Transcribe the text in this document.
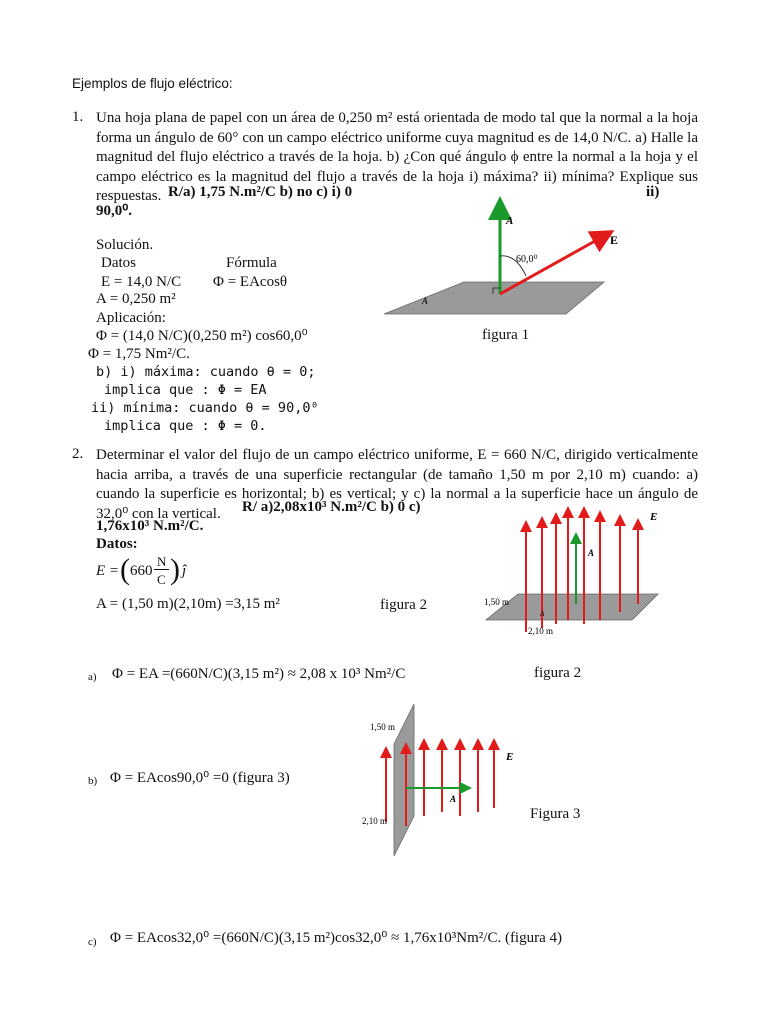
Ejemplos de flujo eléctrico:
1. Una hoja plana de papel con un área de 0,250 m² está orientada de modo tal que la normal a la hoja forma un ángulo de 60° con un campo eléctrico uniforme cuya magnitud es de 14,0 N/C. a) Halle la magnitud del flujo eléctrico a través de la hoja. b) ¿Con qué ángulo ϕ entre la normal a la hoja y el campo eléctrico es la magnitud del flujo a través de la hoja i) máxima? ii) mínima? Explique sus respuestas. R/a) 1,75 N.m²/C b) no c) i) 0	ii)
90,0⁰.
Solución.
Datos	Fórmula
E = 14,0 N/C Φ = EAcosθ
A = 0,250 m²
Aplicación:
Φ = (14,0 N/C)(0,250 m²) cos60,0⁰
Φ = 1,75 Nm²/C.
b) i) máxima: cuando θ = 0;
implica que : Φ = EA
ii) mínima: cuando θ = 90,0⁰
implica que : Φ = 0.
figura 1
A
E
60,0⁰
A
2. Determinar el valor del flujo de un campo eléctrico uniforme, E = 660 N/C, dirigido verticalmente hacia arriba, a través de una superficie rectangular (de tamaño 1,50 m por 2,10 m) cuando: a) cuando la superficie es horizontal; b) es vertical; y c) la normal a la superficie hace un ángulo de 32,0⁰ con la vertical.	R/ a)2,08x10³ N.m²/C b) 0 c)
1,76x10³ N.m²/C.
Datos:
E = ( 660
N
C ) ĵ
A = (1,50 m)(2,10m) =3,15 m²	figura 2
E
A
1,50 m
2,10 m
A
a) Φ = EA =(660N/C)(3,15 m²) ≈ 2,08 x 10³ Nm²/C	figura 2
b) Φ = EAcos90,0⁰ =0 (figura 3)
Figura 3
1,50 m
2,10 m
E
A
c) Φ = EAcos32,0⁰ =(660N/C)(3,15 m²)cos32,0⁰ ≈ 1,76x10³Nm²/C. (figura 4)
